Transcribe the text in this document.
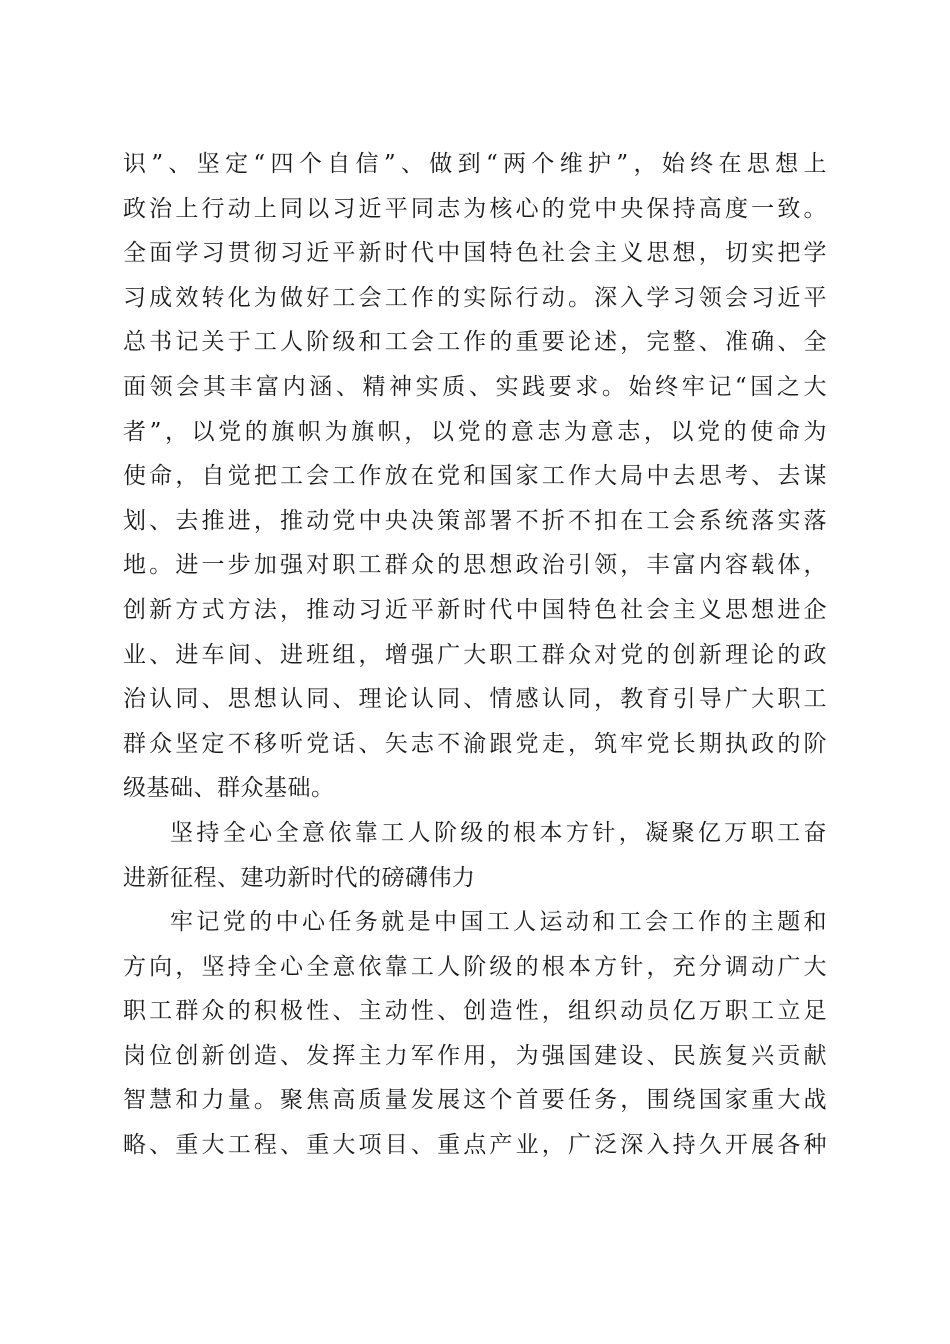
识”、坚定“四个自信”、做到“两个维护”，始终在思想上
政治上行动上同以习近平同志为核心的党中央保持高度一致。
全面学习贯彻习近平新时代中国特色社会主义思想，切实把学
习成效转化为做好工会工作的实际行动。深入学习领会习近平
总书记关于工人阶级和工会工作的重要论述，完整、准确、全
面领会其丰富内涵、精神实质、实践要求。始终牢记“国之大
者”，以党的旗帜为旗帜，以党的意志为意志，以党的使命为
使命，自觉把工会工作放在党和国家工作大局中去思考、去谋
划、去推进，推动党中央决策部署不折不扣在工会系统落实落
地。进一步加强对职工群众的思想政治引领，丰富内容载体，
创新方式方法，推动习近平新时代中国特色社会主义思想进企
业、进车间、进班组，增强广大职工群众对党的创新理论的政
治认同、思想认同、理论认同、情感认同，教育引导广大职工
群众坚定不移听党话、矢志不渝跟党走，筑牢党长期执政的阶
级基础、群众基础。
坚持全心全意依靠工人阶级的根本方针，凝聚亿万职工奋
进新征程、建功新时代的磅礴伟力
牢记党的中心任务就是中国工人运动和工会工作的主题和
方向，坚持全心全意依靠工人阶级的根本方针，充分调动广大
职工群众的积极性、主动性、创造性，组织动员亿万职工立足
岗位创新创造、发挥主力军作用，为强国建设、民族复兴贡献
智慧和力量。聚焦高质量发展这个首要任务，围绕国家重大战
略、重大工程、重大项目、重点产业，广泛深入持久开展各种
